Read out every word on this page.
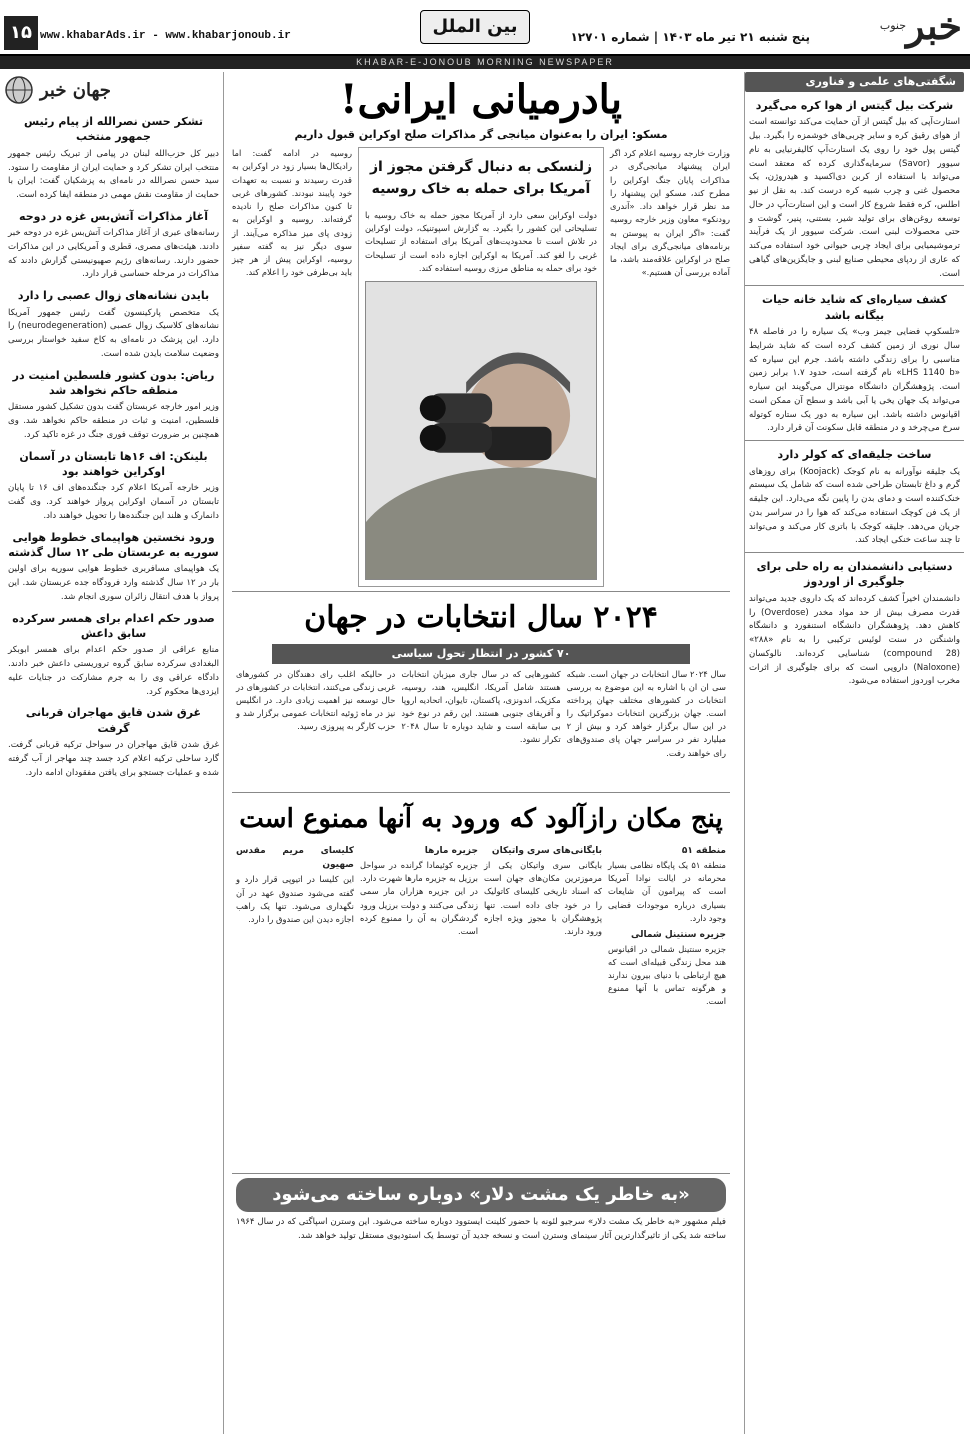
خبر$^{جنوب}$
پنج شنبه ۲۱ تیر ماه ۱۴۰۳ | شماره ۱۲۷۰۱
بین الملل
www.khabarAds.ir - www.khabarjonoub.ir
۱۵
KHABAR-E-JONOUB MORNING NEWSPAPER
شگفتی‌های علمی و فناوری
شرکت بیل گیتس از هوا کره می‌گیرد
استارت‌آپی که بیل گیتس از آن حمایت می‌کند توانسته است از هوای رقیق کره و سایر چربی‌های خوشمزه را بگیرد. بیل گیتس پول خود را روی یک استارت‌آپ کالیفرنیایی به نام سیوور (Savor) سرمایه‌گذاری کرده که معتقد است می‌تواند با استفاده از کربن دی‌اکسید و هیدروژن، یک محصول غنی و چرب شبیه کره درست کند. به نقل از نیو اطلس، کره فقط شروع کار است و این استارت‌آپ در حال توسعه روغن‌های برای تولید شیر، بستنی، پنیر، گوشت و حتی محصولات لبنی است. شرکت سیوور از یک فرآیند ترموشیمیایی برای ایجاد چربی حیوانی خود استفاده می‌کند که عاری از ردپای محیطی صنایع لبنی و جایگزین‌های گیاهی است.
کشف سیاره‌ای که شاید خانه حیات بیگانه باشد
«تلسکوپ فضایی جیمز وب» یک سیاره را در فاصله ۴۸ سال نوری از زمین کشف کرده است که شاید شرایط مناسبی را برای زندگی داشته باشد. جرم این سیاره که «LHS 1140 b» نام گرفته است، حدود ۱.۷ برابر زمین است. پژوهشگران دانشگاه مونترال می‌گویند این سیاره می‌تواند یک جهان یخی یا آبی باشد و سطح آن ممکن است اقیانوس داشته باشد. این سیاره به دور یک ستاره کوتوله سرخ می‌چرخد و در منطقه قابل سکونت آن قرار دارد.
ساخت جلیقه‌ای که کولر دارد
یک جلیقه نوآورانه به نام کوجک (Koojack) برای روزهای گرم و داغ تابستان طراحی شده است که شامل یک سیستم خنک‌کننده است و دمای بدن را پایین نگه می‌دارد. این جلیقه از یک فن کوچک استفاده می‌کند که هوا را در سراسر بدن جریان می‌دهد. جلیقه کوجک با باتری کار می‌کند و می‌تواند تا چند ساعت خنکی ایجاد کند.
دستیابی دانشمندان به راه حلی برای جلوگیری از اوردوز
دانشمندان اخیراً کشف کرده‌اند که یک داروی جدید می‌تواند قدرت مصرف بیش از حد مواد مخدر (Overdose) را کاهش دهد. پژوهشگران دانشگاه استنفورد و دانشگاه واشنگتن در سنت لوئیس ترکیبی را به نام «۲۸۸» (compound 28) شناسایی کرده‌اند. نالوکسان (Naloxone) دارویی است که برای جلوگیری از اثرات مخرب اوردوز استفاده می‌شود.
پادرمیانی ایرانی!
مسکو: ایران را به‌عنوان میانجی گر مذاکرات صلح اوکراین قبول داریم
وزارت خارجه روسیه اعلام کرد اگر ایران پیشنهاد میانجی‌گری در مذاکرات پایان جنگ اوکراین را مطرح کند، مسکو این پیشنهاد را مد نظر قرار خواهد داد. «آندری رودنکو» معاون وزیر خارجه روسیه گفت: «اگر ایران به پیوستن به برنامه‌های میانجی‌گری برای ایجاد صلح در اوکراین علاقه‌مند باشد، ما آماده بررسی آن هستیم.»
زلنسکی به دنبال گرفتن مجوز از آمریکا برای حمله به خاک روسیه
دولت اوکراین سعی دارد از آمریکا مجوز حمله به خاک روسیه با تسلیحاتی این کشور را بگیرد. به گزارش اسپوتنیک، دولت اوکراین در تلاش است تا محدودیت‌های آمریکا برای استفاده از تسلیحات غربی را لغو کند. آمریکا به اوکراین اجازه داده است از تسلیحات خود برای حمله به مناطق مرزی روسیه استفاده کند.
روسیه در ادامه گفت: اما رادیکال‌ها بسیار زود در اوکراین به قدرت رسیدند و نسبت به تعهدات خود پایبند نبودند. کشورهای غربی تا کنون مذاکرات صلح را نادیده گرفته‌اند. روسیه و اوکراین به زودی پای میز مذاکره می‌آیند. از سوی دیگر نیز به گفته سفیر روسیه، اوکراین پیش از هر چیز باید بی‌طرفی خود را اعلام کند.
۲۰۲۴ سال انتخابات در جهان
۷۰ کشور در انتظار تحول سیاسی
سال ۲۰۲۴ سال انتخابات در جهان است. شبکه سی ان ان با اشاره به این موضوع به بررسی انتخابات در کشورهای مختلف جهان پرداخته است. جهان بزرگترین انتخابات دموکراتیک را در این سال برگزار خواهد کرد و بیش از ۲ میلیارد نفر در سراسر جهان پای صندوق‌های رای خواهند رفت.
کشورهایی که در سال جاری میزبان انتخابات هستند شامل آمریکا، انگلیس، هند، روسیه، مکزیک، اندونزی، پاکستان، تایوان، اتحادیه اروپا و آفریقای جنوبی هستند. این رقم در نوع خود بی سابقه است و شاید دوباره تا سال ۲۰۴۸ تکرار نشود.
در حالیکه اغلب رای دهندگان در کشورهای غربی زندگی می‌کنند، انتخابات در کشورهای در حال توسعه نیز اهمیت زیادی دارد. در انگلیس نیز در ماه ژوئیه انتخابات عمومی برگزار شد و حزب کارگر به پیروزی رسید.
پنج مکان رازآلود که ورود به آنها ممنوع است
منطقه ۵۱
منطقه ۵۱ یک پایگاه نظامی بسیار محرمانه در ایالت نوادا آمریکا است که پیرامون آن شایعات بسیاری درباره موجودات فضایی وجود دارد.
جزیره سنتینل شمالی
جزیره سنتینل شمالی در اقیانوس هند محل زندگی قبیله‌ای است که هیچ ارتباطی با دنیای بیرون ندارند و هرگونه تماس با آنها ممنوع است.
بایگانی‌های سری واتیکان
بایگانی سری واتیکان یکی از مرموزترین مکان‌های جهان است که اسناد تاریخی کلیسای کاتولیک را در خود جای داده است. تنها پژوهشگران با مجوز ویژه اجازه ورود دارند.
جزیره مارها
جزیره کوئیمادا گرانده در سواحل برزیل به جزیره مارها شهرت دارد. در این جزیره هزاران مار سمی زندگی می‌کنند و دولت برزیل ورود گردشگران به آن را ممنوع کرده است.
کلیسای مریم مقدس صهیون
این کلیسا در اتیوپی قرار دارد و گفته می‌شود صندوق عهد در آن نگهداری می‌شود. تنها یک راهب اجازه دیدن این صندوق را دارد.
«به خاطر یک مشت دلار» دوباره ساخته می‌شود
فیلم مشهور «به خاطر یک مشت دلار» سرجیو لئونه با حضور کلینت ایستوود دوباره ساخته می‌شود. این وسترن اسپاگتی که در سال ۱۹۶۴ ساخته شد یکی از تاثیرگذارترین آثار سینمای وسترن است و نسخه جدید آن توسط یک استودیوی مستقل تولید خواهد شد.
جهان خبر
تشکر حسن نصرالله از پیام رئیس جمهور منتخب
دبیر کل حزب‌الله لبنان در پیامی از تبریک رئیس جمهور منتخب ایران تشکر کرد و حمایت ایران از مقاومت را ستود. سید حسن نصرالله در نامه‌ای به پزشکیان گفت: ایران با حمایت از مقاومت نقش مهمی در منطقه ایفا کرده است.
آغاز مذاکرات آتش‌بس غزه در دوحه
رسانه‌های عبری از آغاز مذاکرات آتش‌بس غزه در دوحه خبر دادند. هیئت‌های مصری، قطری و آمریکایی در این مذاکرات حضور دارند. رسانه‌های رژیم صهیونیستی گزارش دادند که مذاکرات در مرحله حساسی قرار دارد.
بایدن نشانه‌های زوال عصبی را دارد
یک متخصص پارکینسون گفت رئیس جمهور آمریکا نشانه‌های کلاسیک زوال عصبی (neurodegeneration) را دارد. این پزشک در نامه‌ای به کاخ سفید خواستار بررسی وضعیت سلامت بایدن شده است.
ریاض: بدون کشور فلسطین امنیت در منطقه حاکم نخواهد شد
وزیر امور خارجه عربستان گفت بدون تشکیل کشور مستقل فلسطین، امنیت و ثبات در منطقه حاکم نخواهد شد. وی همچنین بر ضرورت توقف فوری جنگ در غزه تاکید کرد.
بلینکن: اف ۱۶ها تابستان در آسمان اوکراین خواهند بود
وزیر خارجه آمریکا اعلام کرد جنگنده‌های اف ۱۶ تا پایان تابستان در آسمان اوکراین پرواز خواهند کرد. وی گفت دانمارک و هلند این جنگنده‌ها را تحویل خواهند داد.
ورود نخستین هواپیمای خطوط هوایی سوریه به عربستان طی ۱۲ سال گذشته
یک هواپیمای مسافربری خطوط هوایی سوریه برای اولین بار در ۱۲ سال گذشته وارد فرودگاه جده عربستان شد. این پرواز با هدف انتقال زائران سوری انجام شد.
صدور حکم اعدام برای همسر سرکرده سابق داعش
منابع عراقی از صدور حکم اعدام برای همسر ابوبکر البغدادی سرکرده سابق گروه تروریستی داعش خبر دادند. دادگاه عراقی وی را به جرم مشارکت در جنایات علیه ایزدی‌ها محکوم کرد.
غرق شدن قایق مهاجران قربانی گرفت
غرق شدن قایق مهاجران در سواحل ترکیه قربانی گرفت. گارد ساحلی ترکیه اعلام کرد جسد چند مهاجر از آب گرفته شده و عملیات جستجو برای یافتن مفقودان ادامه دارد.
